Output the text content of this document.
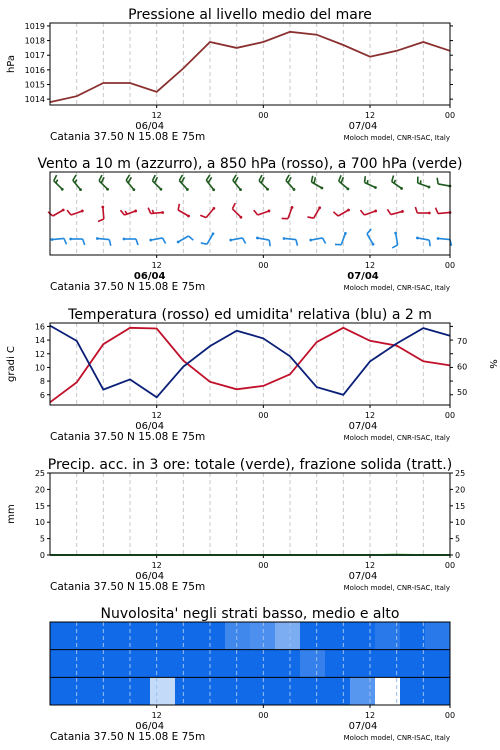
Pressione al livello medio del mare
12	00	12	00
06/04	07/04
Catania 37.50 N 15.08 E 75m	Moloch model, CNR-ISAC, Italy
1014
1015
1016
1017
1018
1019
hPa
Vento a 10 m (azzurro), a 850 hPa (rosso), a 700 hPa (verde)
12	00	12	00
06/04	07/04
Catania 37.50 N 15.08 E 75m	Moloch model, CNR-ISAC, Italy
Temperatura (rosso) ed umidita' relativa (blu) a 2 m
12	00	12	00
06/04	07/04
Catania 37.50 N 15.08 E 75m	Moloch model, CNR-ISAC, Italy
6
8
10
12
14
16
50
60
70
gradi C	%
Precip. acc. in 3 ore: totale (verde), frazione solida (tratt.)
12	00	12	00
06/04	07/04
Catania 37.50 N 15.08 E 75m	Moloch model, CNR-ISAC, Italy
0
5
10
15
20
25
0
5
10
15
20
25
mm
Nuvolosita' negli strati basso, medio e alto
12	00	12	00
06/04	07/04
Catania 37.50 N 15.08 E 75m	Moloch model, CNR-ISAC, Italy
